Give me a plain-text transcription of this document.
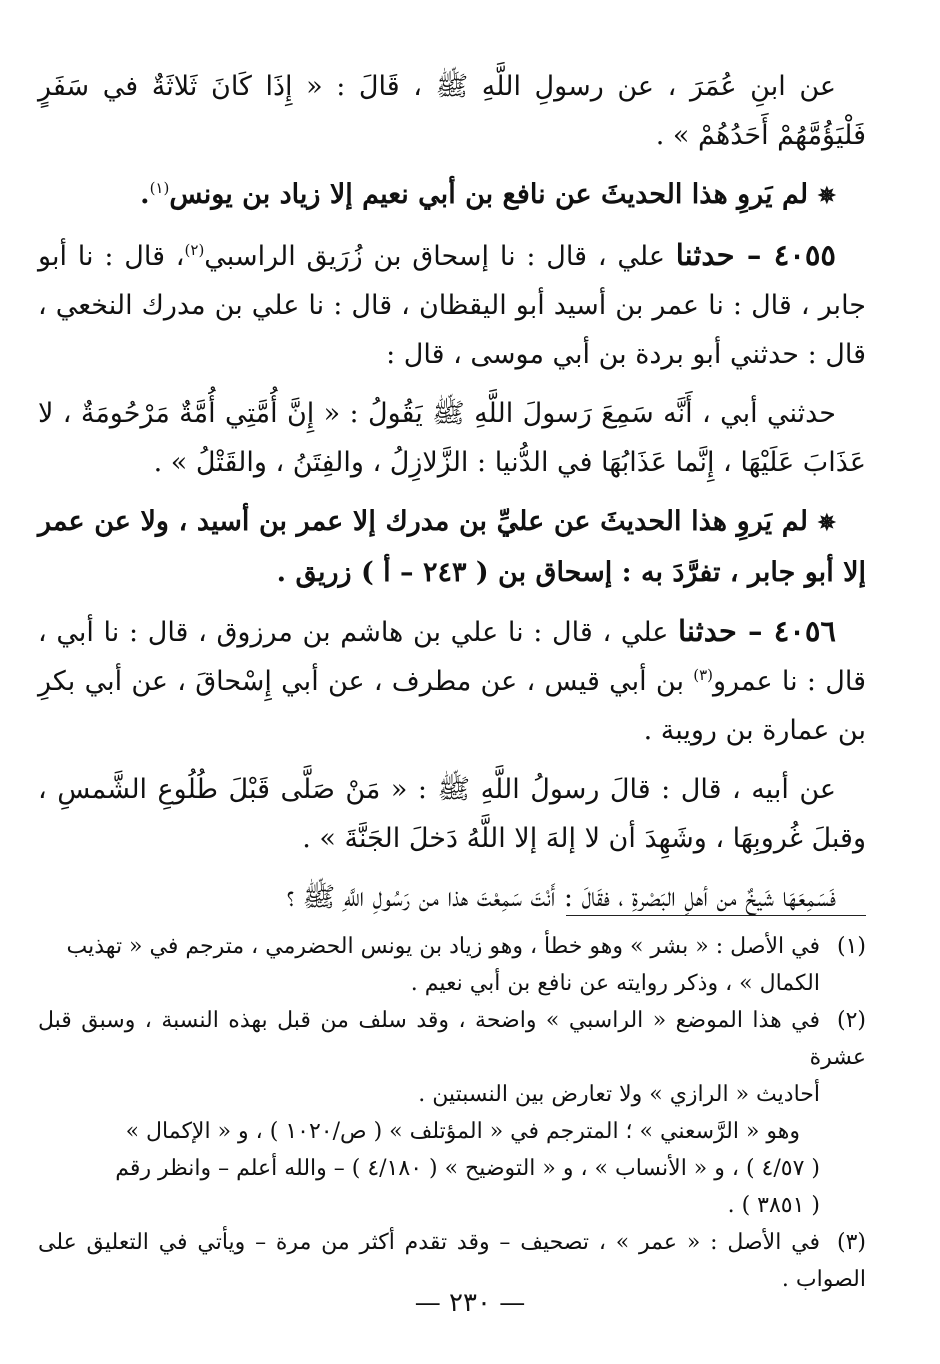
عن ابنِ عُمَرَ ، عن رسولِ اللَّهِ ﷺ ، قَالَ : « إِذَا كَانَ ثَلاثَةٌ في سَفَرٍ فَلْيَؤُمَّهُمْ أَحَدُهُمْ » .

✵ لم يَروِ هذا الحديثَ عن نافع بن أبي نعيم إلا زياد بن يونس$^{(١)}$.

٤٠٥٥ – حدثنا علي ، قال : نا إسحاق بن زُرَيق الراسبي$^{(٢)}$، قال : نا أبو جابر ، قال : نا عمر بن أسيد أبو اليقظان ، قال : نا علي بن مدرك النخعي ، قال : حدثني أبو بردة بن أبي موسى ، قال :

حدثني أبي ، أَنَّه سَمِعَ رَسولَ اللَّهِ ﷺ يَقُولُ : « إِنَّ أُمَّتِي أُمَّةٌ مَرْحُومَةٌ ، لا عَذَابَ عَلَيْهَا ، إِنَّما عَذَابُهَا في الدُّنيا : الزَّلازِلُ ، والفِتَنُ ، والقَتْلُ » .

✵ لم يَروِ هذا الحديثَ عن عليِّ بن مدرك إلا عمر بن أسيد ، ولا عن عمر إلا أبو جابر ، تفرَّدَ به : إسحاق بن ( ٢٤٣ – أ ) زريق .

٤٠٥٦ – حدثنا علي ، قال : نا علي بن هاشم بن مرزوق ، قال : نا أبي ، قال : نا عمرو$^{(٣)}$ بن أبي قيس ، عن مطرف ، عن أبي إِسْحاقَ ، عن أبي بكرِ بن عمارة بن رويبة .

عن أبيه ، قال : قالَ رسولُ اللَّهِ ﷺ : « مَنْ صَلَّى قَبْلَ طُلُوعِ الشَّمسِ ، وقبلَ غُروبِهَا ، وشَهِدَ أن لا إلهَ إلا اللَّهُ دَخلَ الجَنَّةَ » .

فَسَمِعَهَا شَيخٌ من أهلِ البَصْرةِ ، فقَالَ : أَنْتَ سَمِعْتَ هذا من رَسُولِ اللَّهِ ﷺ ؟

(١)في الأصل : « بشر » وهو خطأ ، وهو زياد بن يونس الحضرمي ، مترجم في « تهذيب

الكمال » ، وذكر روايته عن نافع بن أبي نعيم .

(٢)في هذا الموضع « الراسبي » واضحة ، وقد سلف من قبل بهذه النسبة ، وسبق قبل عشرة

أحاديث « الرازي » ولا تعارض بين النسبتين .

وهو « الرَّسعني » ؛ المترجم في « المؤتلف » ( ص/١٠٢٠ ) ، و « الإكمال »

( ٤/٥٧ ) ، و « الأنساب » ، و « التوضيح » ( ٤/١٨٠ ) – والله أعلم – وانظر رقم

( ٣٨٥١ ) .

(٣)في الأصل : « عمر » ، تصحيف – وقد تقدم أكثر من مرة – ويأتي في التعليق على الصواب .

— ٢٣٠ —
